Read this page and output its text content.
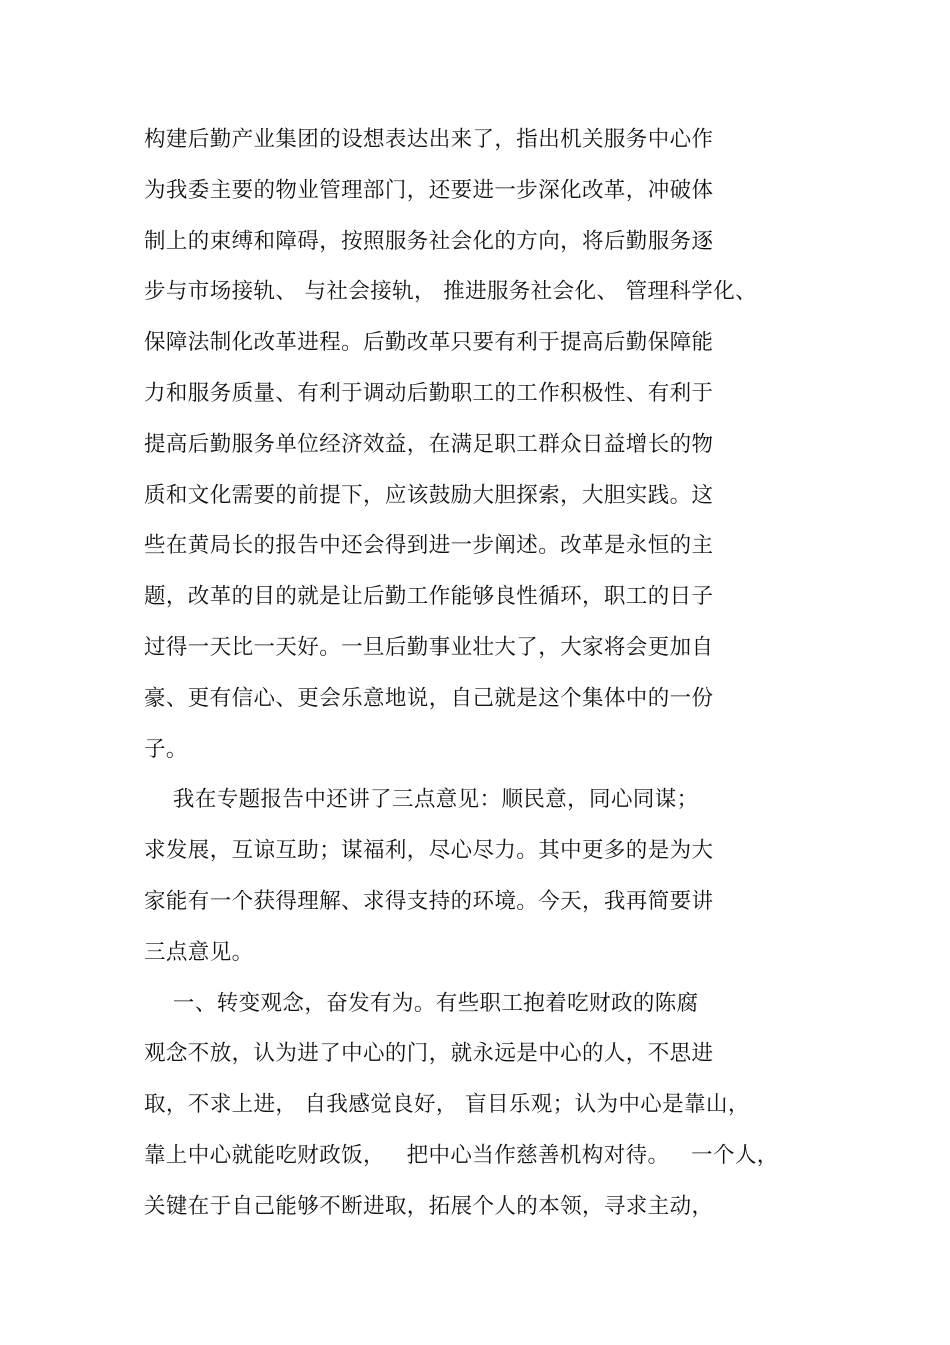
构建后勤产业集团的设想表达出来了，指出机关服务中心作
为我委主要的物业管理部门，还要进一步深化改革，冲破体
制上的束缚和障碍，按照服务社会化的方向，将后勤服务逐
步与市场接轨、 与社会接轨， 推进服务社会化、 管理科学化、
保障法制化改革进程。后勤改革只要有利于提高后勤保障能
力和服务质量、有利于调动后勤职工的工作积极性、有利于
提高后勤服务单位经济效益，在满足职工群众日益增长的物
质和文化需要的前提下，应该鼓励大胆探索，大胆实践。这
些在黄局长的报告中还会得到进一步阐述。改革是永恒的主
题，改革的目的就是让后勤工作能够良性循环，职工的日子
过得一天比一天好。一旦后勤事业壮大了，大家将会更加自
豪、更有信心、更会乐意地说，自己就是这个集体中的一份
子。
我在专题报告中还讲了三点意见：顺民意，同心同谋；
求发展，互谅互助；谋福利，尽心尽力。其中更多的是为大
家能有一个获得理解、求得支持的环境。今天，我再简要讲
三点意见。
一、转变观念，奋发有为。有些职工抱着吃财政的陈腐
观念不放，认为进了中心的门，就永远是中心的人，不思进
取，不求上进， 自我感觉良好， 盲目乐观；认为中心是靠山，
靠上中心就能吃财政饭，   把中心当作慈善机构对待。   一个人，
关键在于自己能够不断进取，拓展个人的本领，寻求主动，
